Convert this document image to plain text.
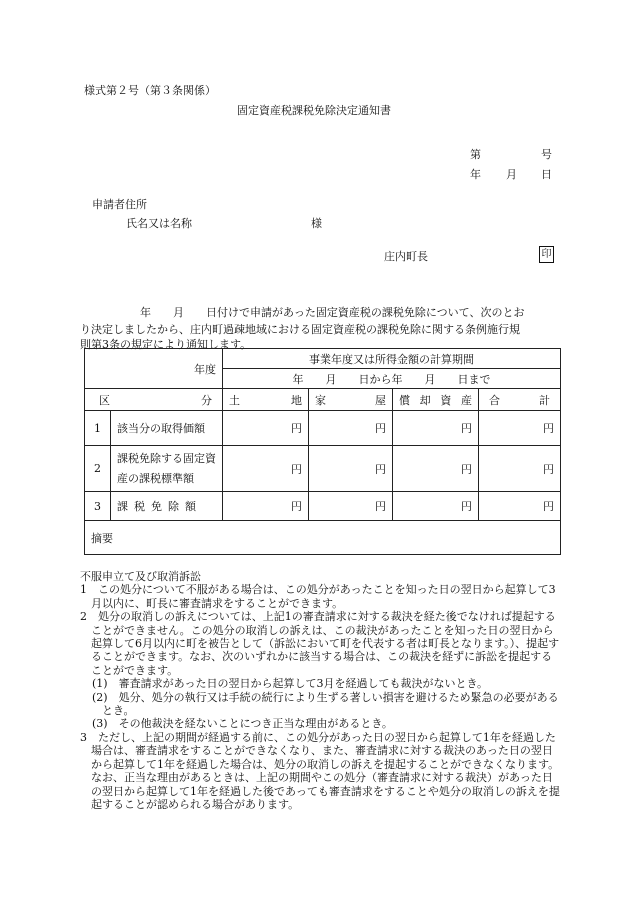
様式第２号（第３条関係）
固定資産税課税免除決定通知書
第	号
年 月 日
申請者住所
氏名又は名称	様
庄内町長	印
年　　月　　日付けで申請があった固定資産税の課税免除について、次のとお
り決定しましたから、庄内町過疎地域における固定資産税の課税免除に関する条例施行規
則第3条の規定により通知します。
年度		事業年度又は所得金額の計算期間			
		年　　月　　日から年　　月　　日まで			

区 分		土 地	家 屋	償 却 資 産	合 計

1	該当分の取得価額	円	円	円	円
2	課税免除する固定資産の課税標準額	円	円	円	円
3	課税免除額	円	円	円	円
摘要					
不服申立て及び取消訴訟
1　この処分について不服がある場合は、この処分があったことを知った日の翌日から起算して3月以内に、町長に審査請求をすることができます。
2　処分の取消しの訴えについては、上記1の審査請求に対する裁決を経た後でなければ提起することができません。この処分の取消しの訴えは、この裁決があったことを知った日の翌日から起算して6月以内に町を被告として（訴訟において町を代表する者は町長となります。）、提起することができます。なお、次のいずれかに該当する場合は、この裁決を経ずに訴訟を提起することができます。
(1)　審査請求があった日の翌日から起算して3月を経過しても裁決がないとき。
(2)　処分、処分の執行又は手続の続行により生ずる著しい損害を避けるため緊急の必要があるとき。
(3)　その他裁決を経ないことにつき正当な理由があるとき。
3　ただし、上記の期間が経過する前に、この処分があった日の翌日から起算して1年を経過した場合は、審査請求をすることができなくなり、また、審査請求に対する裁決のあった日の翌日から起算して1年を経過した場合は、処分の取消しの訴えを提起することができなくなります。なお、正当な理由があるときは、上記の期間やこの処分（審査請求に対する裁決）があった日の翌日から起算して1年を経過した後であっても審査請求をすることや処分の取消しの訴えを提起することが認められる場合があります。
